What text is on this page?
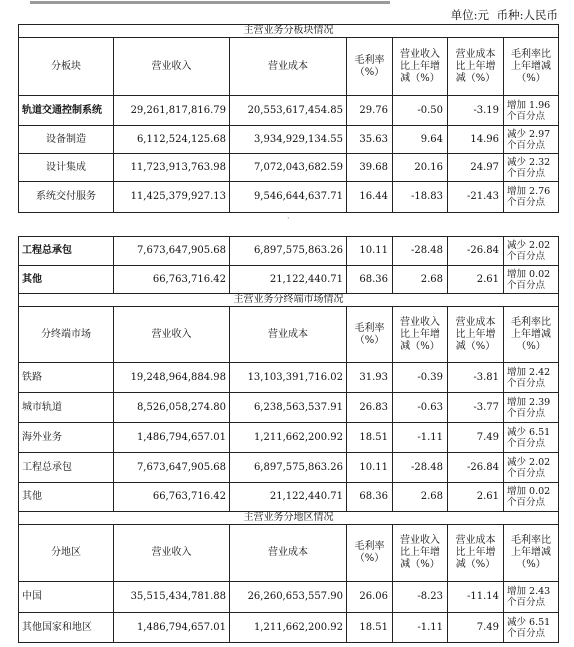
单位:元 币种:人民币
主营业务分板块情况						
分板块	营业收入	营业成本	毛利率（%）	营业收入比上年增减（%）	营业成本比上年增减（%）	毛利率比上年增减（%）
轨道交通控制系统	29,261,817,816.79	20,553,617,454.85	29.76	-0.50	-3.19	增加 1.96 个百分点
设备制造	6,112,524,125.68	3,934,929,134.55	35.63	9.64	14.96	减少 2.97 个百分点
设计集成	11,723,913,763.98	7,072,043,682.59	39.68	20.16	24.97	减少 2.32 个百分点
系统交付服务	11,425,379,927.13	9,546,644,637.71	16.44	-18.83	-21.43	增加 2.76 个百分点
·
工程总承包	7,673,647,905.68	6,897,575,863.26	10.11	-28.48	-26.84	减少 2.02 个百分点
其他	66,763,716.42	21,122,440.71	68.36	2.68	2.61	增加 0.02 个百分点
主营业务分终端市场情况						
分终端市场	营业收入	营业成本	毛利率（%）	营业收入比上年增减（%）	营业成本比上年增减（%）	毛利率比上年增减（%）
铁路	19,248,964,884.98	13,103,391,716.02	31.93	-0.39	-3.81	增加 2.42 个百分点
城市轨道	8,526,058,274.80	6,238,563,537.91	26.83	-0.63	-3.77	增加 2.39 个百分点
海外业务	1,486,794,657.01	1,211,662,200.92	18.51	-1.11	7.49	减少 6.51 个百分点
工程总承包	7,673,647,905.68	6,897,575,863.26	10.11	-28.48	-26.84	减少 2.02 个百分点
其他	66,763,716.42	21,122,440.71	68.36	2.68	2.61	增加 0.02 个百分点
主营业务分地区情况						
分地区	营业收入	营业成本	毛利率（%）	营业收入比上年增减（%）	营业成本比上年增减（%）	毛利率比上年增减（%）
中国	35,515,434,781.88	26,260,653,557.90	26.06	-8.23	-11.14	增加 2.43 个百分点
其他国家和地区	1,486,794,657.01	1,211,662,200.92	18.51	-1.11	7.49	减少 6.51 个百分点
